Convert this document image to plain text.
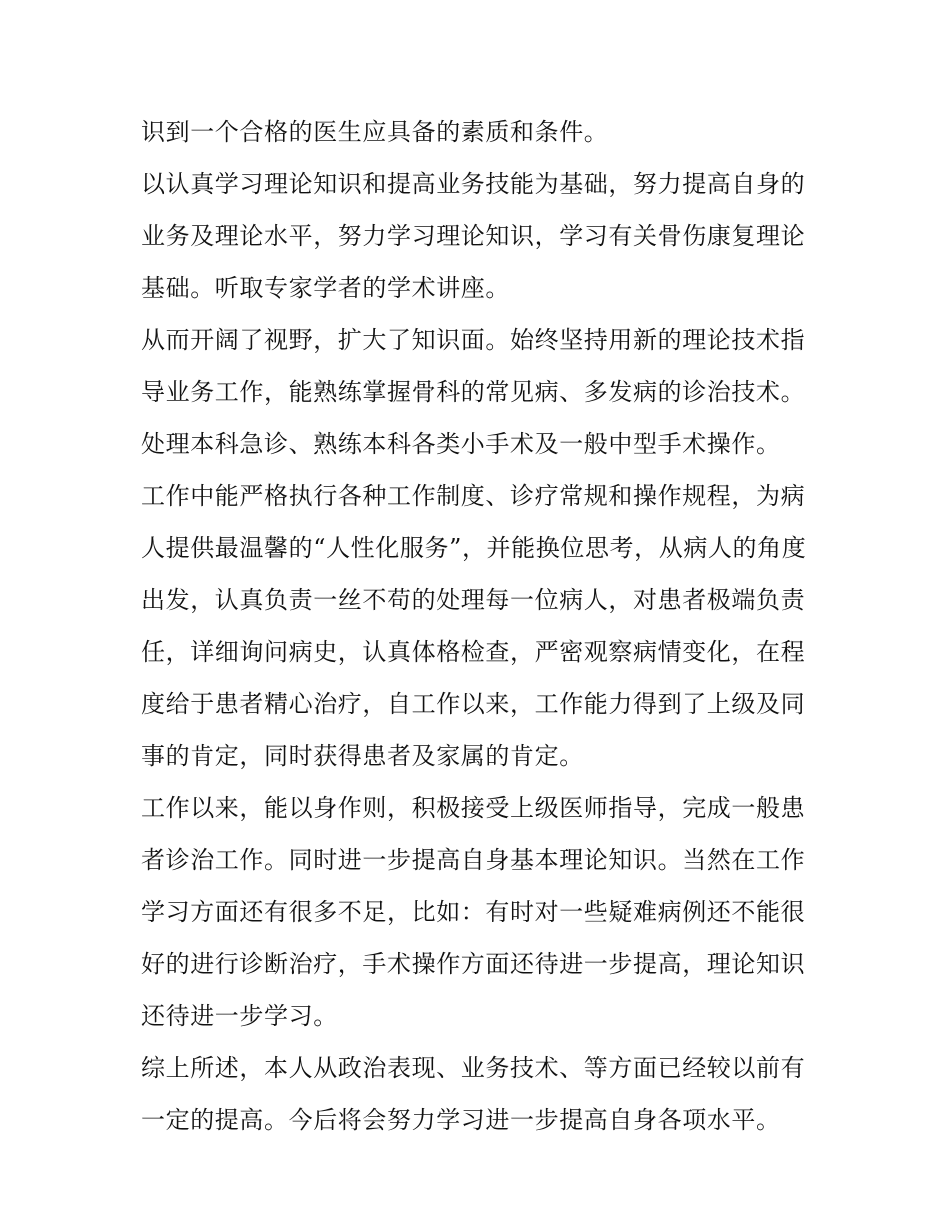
识到一个合格的医生应具备的素质和条件。
以认真学习理论知识和提高业务技能为基础，努力提高自身的
业务及理论水平，努力学习理论知识，学习有关骨伤康复理论
基础。听取专家学者的学术讲座。
从而开阔了视野，扩大了知识面。始终坚持用新的理论技术指
导业务工作，能熟练掌握骨科的常见病、多发病的诊治技术。
处理本科急诊、熟练本科各类小手术及一般中型手术操作。
工作中能严格执行各种工作制度、诊疗常规和操作规程，为病
人提供最温馨的“人性化服务”，并能换位思考，从病人的角度
出发，认真负责一丝不苟的处理每一位病人，对患者极端负责
任，详细询问病史，认真体格检查，严密观察病情变化，在程
度给于患者精心治疗，自工作以来，工作能力得到了上级及同
事的肯定，同时获得患者及家属的肯定。
工作以来，能以身作则，积极接受上级医师指导，完成一般患
者诊治工作。同时进一步提高自身基本理论知识。当然在工作
学习方面还有很多不足，比如：有时对一些疑难病例还不能很
好的进行诊断治疗，手术操作方面还待进一步提高，理论知识
还待进一步学习。
综上所述，本人从政治表现、业务技术、等方面已经较以前有
一定的提高。今后将会努力学习进一步提高自身各项水平。
